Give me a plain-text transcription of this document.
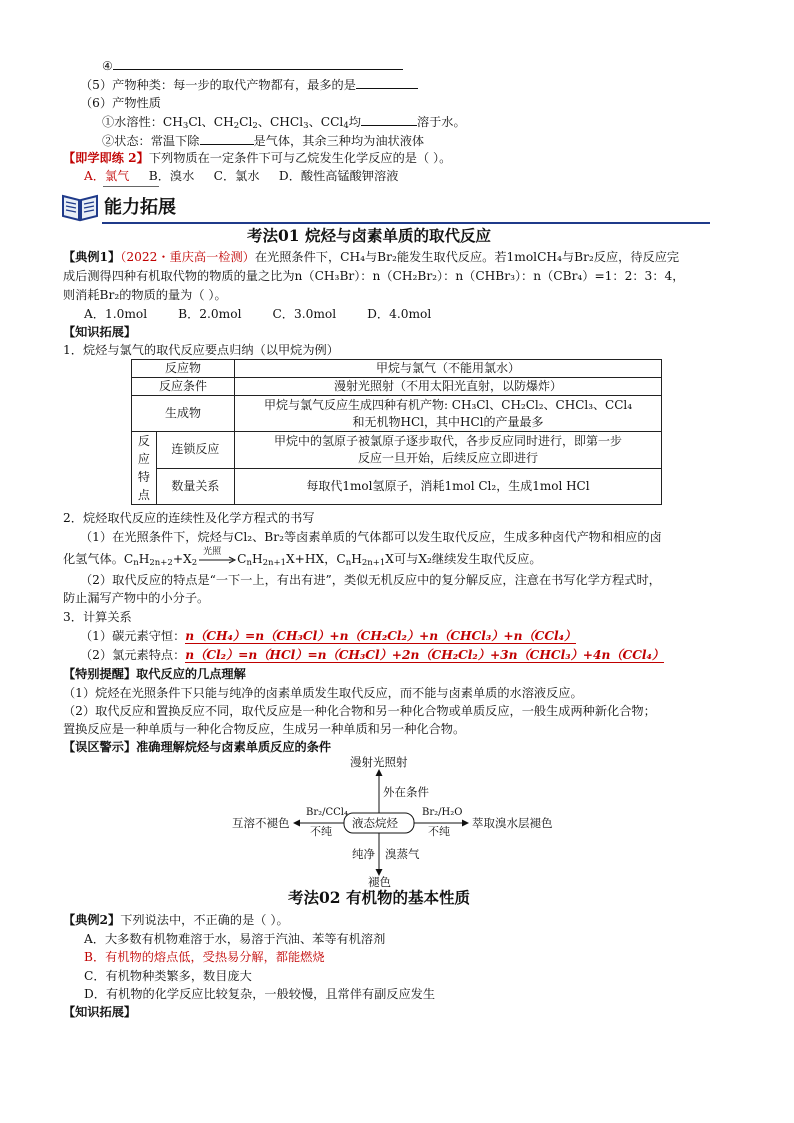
④
（5）产物种类：每一步的取代产物都有，最多的是
（6）产物性质
①水溶性：$CH_3Cl$、$CH_2Cl_2$、CHCl$_3$、CCl$_4$均	溶于水。
②状态：常温下除	是气体，其余三种均为油状液体
【即学即练 2】下列物质在一定条件下可与乙烷发生化学反应的是（ ）。
A．氯气 B．溴水 C．氯水 D．酸性高锰酸钾溶液
能力拓展
考法01 烷烃与卤素单质的取代反应
【典例1】（2022・重庆高一检测）在光照条件下，CH₄与Br₂能发生取代反应。若1molCH₄与Br₂反应，待反应完
成后测得四种有机取代物的物质的量之比为n（CH₃Br）：n（CH₂Br₂）：n（CHBr₃）：n（CBr₄）=1：2：3：4，
则消耗Br₂的物质的量为（ ）。
A．1.0mol        B．2.0mol        C．3.0mol        D．4.0mol
【知识拓展】
1．烷烃与氯气的取代反应要点归纳（以甲烷为例）
反应物		甲烷与氯气（不能用氯水）
反应条件		漫射光照射（不用太阳光直射，以防爆炸）
生成物		甲烷与氯气反应生成四种有机产物: CH₃Cl、CH₂Cl₂、CHCl₃、CCl₄
和无机物HCl，其中HCl的产量最多
反应特点	连锁反应	甲烷中的氢原子被氯原子逐步取代，各步反应同时进行，即第一步
反应一旦开始，后续反应立即进行
	数量关系	每取代1mol氢原子，消耗1mol Cl₂，生成1mol HCl
2．烷烃取代反应的连续性及化学方程式的书写
（1）在光照条件下，烷烃与Cl₂、Br₂等卤素单质的气体都可以发生取代反应，生成多种卤代产物和相应的卤
化氢气体。$C_nH_{2n+2}+X_2$
光照
$C_nH_{2n+1}X+HX$，$C_nH_{2n+1}X$可与X₂继续发生取代反应。
（2）取代反应的特点是“一下一上，有出有进”，类似无机反应中的复分解反应，注意在书写化学方程式时，
防止漏写产物中的小分子。
3．计算关系
（1）碳元素守恒：n（CH₄）=n（CH₃Cl）+n（CH₂Cl₂）+n（CHCl₃）+n（CCl₄）
（2）氯元素特点：n（Cl₂）=n（HCl）=n（CH₃Cl）+2n（CH₂Cl₂）+3n（CHCl₃）+4n（CCl₄）
【特别提醒】取代反应的几点理解
（1）烷烃在光照条件下只能与纯净的卤素单质发生取代反应，而不能与卤素单质的水溶液反应。
（2）取代反应和置换反应不同，取代反应是一种化合物和另一种化合物或单质反应，一般生成两种新化合物；
置换反应是一种单质与一种化合物反应，生成另一种单质和另一种化合物。
【误区警示】准确理解烷烃与卤素单质反应的条件
液态烷烃
漫射光照射
外在条件
互溶不褪色
Br₂/CCl₄
不纯
萃取溴水层褪色
Br₂/H₂O
不纯
纯净 溴蒸气
褪色
考法02 有机物的基本性质
【典例2】下列说法中，不正确的是（ ）。
A．大多数有机物难溶于水，易溶于汽油、苯等有机溶剂
B．有机物的熔点低，受热易分解，都能燃烧
C．有机物种类繁多，数目庞大
D．有机物的化学反应比较复杂，一般较慢，且常伴有副反应发生
【知识拓展】
